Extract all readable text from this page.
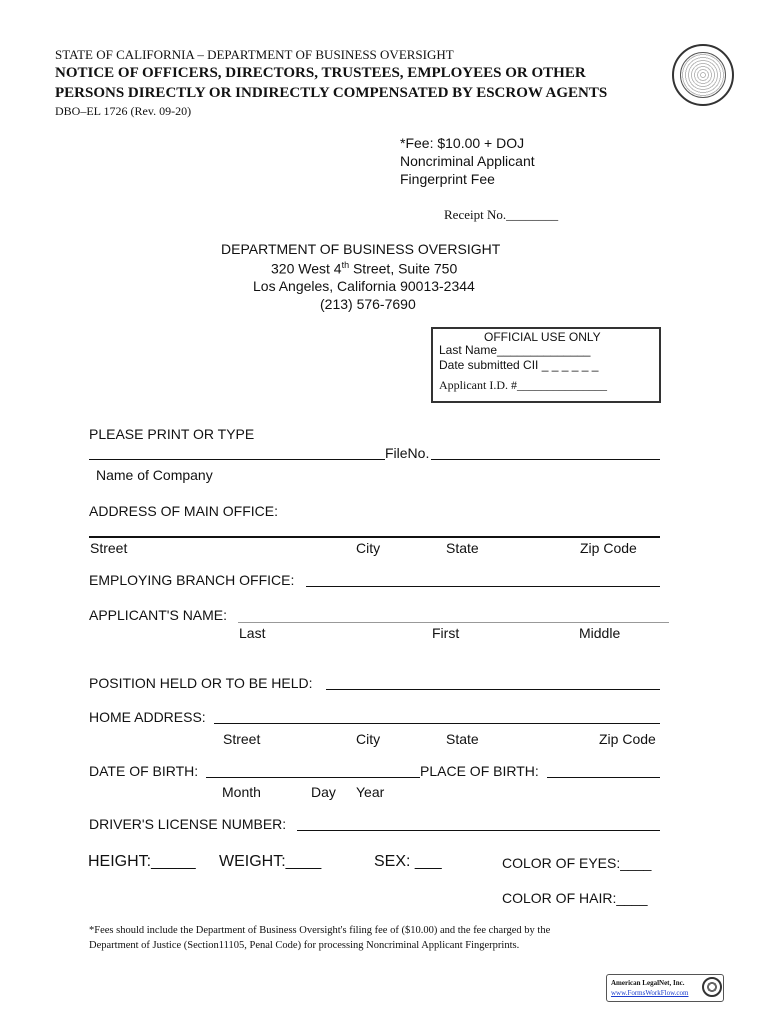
STATE OF CALIFORNIA – DEPARTMENT OF BUSINESS OVERSIGHT
NOTICE OF OFFICERS, DIRECTORS, TRUSTEES, EMPLOYEES OR OTHER
PERSONS DIRECTLY OR INDIRECTLY COMPENSATED BY ESCROW AGENTS
DBO–EL 1726 (Rev. 09-20)
*Fee: $10.00 + DOJ
Noncriminal Applicant
Fingerprint Fee
Receipt No.________
DEPARTMENT OF BUSINESS OVERSIGHT
320 West 4th Street, Suite 750
Los Angeles, California 90013-2344
(213) 576-7690
OFFICIAL USE ONLY
Last Name______________
Date submitted CII _ _ _ _ _ _
Applicant I.D. #_______________
PLEASE PRINT OR TYPE
FileNo.
Name of Company
ADDRESS OF MAIN OFFICE:
Street	City	State	Zip Code
EMPLOYING BRANCH OFFICE:
APPLICANT'S NAME:
Last	First	Middle
POSITION HELD OR TO BE HELD:
HOME ADDRESS:
Street	City	State	Zip Code
DATE OF BIRTH:	PLACE OF BIRTH:
Month	Day Year
DRIVER'S LICENSE NUMBER:
HEIGHT:_____ WEIGHT:____	SEX: ___	COLOR OF EYES:____
COLOR OF HAIR:____
*Fees should include the Department of Business Oversight's filing fee of ($10.00) and the fee charged by the
Department of Justice (Section11105, Penal Code) for processing Noncriminal Applicant Fingerprints.
American LegalNet, Inc.
www.FormsWorkFlow.com
